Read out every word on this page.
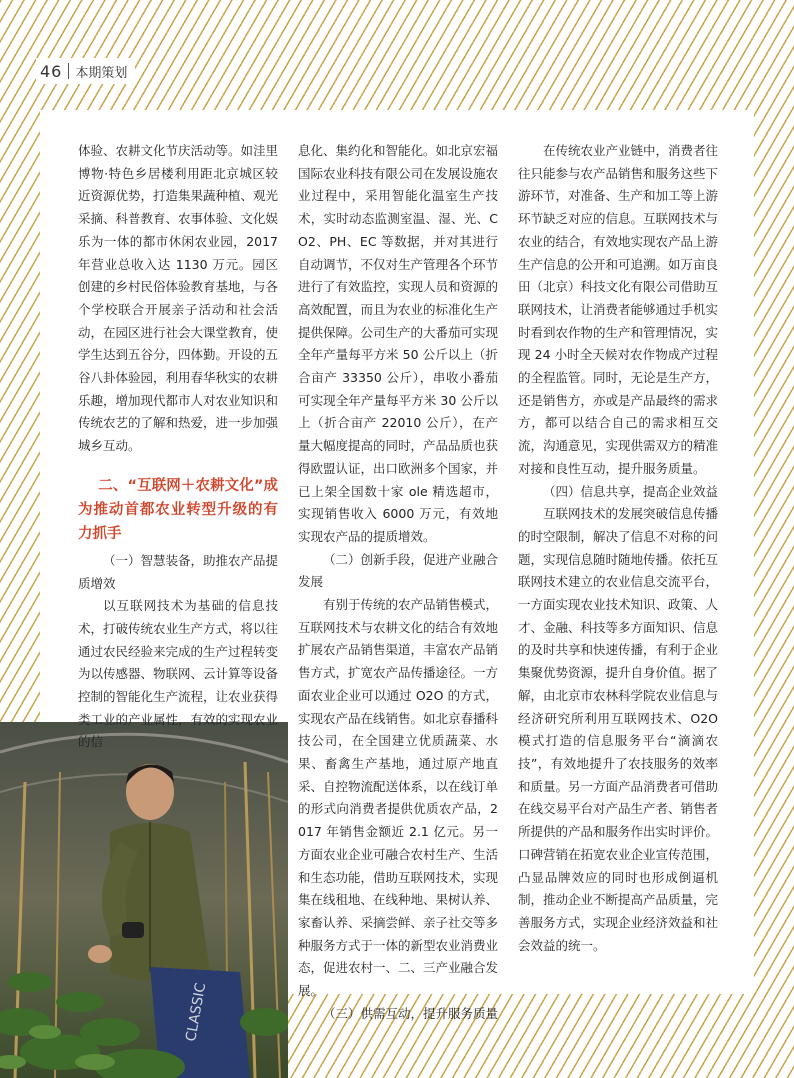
46 本期策划
CLASSIC

体验、农耕文化节庆活动等。如洼里博物·特色乡居楼利用距北京城区较近资源优势，打造集果蔬种植、观光采摘、科普教育、农事体验、文化娱乐为一体的都市休闲农业园，2017 年营业总收入达 1130 万元。园区创建的乡村民俗体验教育基地，与各个学校联合开展亲子活动和社会活动，在园区进行社会大课堂教育，使学生达到五谷分，四体勤。开设的五谷八卦体验园，利用春华秋实的农耕乐趣，增加现代都市人对农业知识和传统农艺的了解和热爱，进一步加强城乡互动。

二、“互联网＋农耕文化”成为推动首都农业转型升级的有力抓手

（一）智慧装备，助推农产品提质增效

以互联网技术为基础的信息技术，打破传统农业生产方式，将以往通过农民经验来完成的生产过程转变为以传感器、物联网、云计算等设备控制的智能化生产流程，让农业获得类工业的产业属性，有效的实现农业的信

息化、集约化和智能化。如北京宏福国际农业科技有限公司在发展设施农业过程中，采用智能化温室生产技术，实时动态监测室温、湿、光、CO2、PH、EC 等数据，并对其进行自动调节，不仅对生产管理各个环节进行了有效监控，实现人员和资源的高效配置，而且为农业的标准化生产提供保障。公司生产的大番茄可实现全年产量每平方米 50 公斤以上（折合亩产 33350 公斤），串收小番茄可实现全年产量每平方米 30 公斤以上（折合亩产 22010 公斤），在产量大幅度提高的同时，产品品质也获得欧盟认证，出口欧洲多个国家，并已上架全国数十家 ole 精选超市，实现销售收入 6000 万元，有效地实现农产品的提质增效。

（二）创新手段，促进产业融合发展

有别于传统的农产品销售模式，互联网技术与农耕文化的结合有效地扩展农产品销售渠道，丰富农产品销售方式，扩宽农产品传播途径。一方面农业企业可以通过 O2O 的方式，实现农产品在线销售。如北京春播科技公司，在全国建立优质蔬菜、水果、畜禽生产基地，通过原产地直采、自控物流配送体系，以在线订单的形式向消费者提供优质农产品，2017 年销售金额近 2.1 亿元。另一方面农业企业可融合农村生产、生活和生态功能，借助互联网技术，实现集在线租地、在线种地、果树认养、家畜认养、采摘尝鲜、亲子社交等多种服务方式于一体的新型农业消费业态，促进农村一、二、三产业融合发展。

（三）供需互动，提升服务质量

在传统农业产业链中，消费者往往只能参与农产品销售和服务这些下游环节，对准备、生产和加工等上游环节缺乏对应的信息。互联网技术与农业的结合，有效地实现农产品上游生产信息的公开和可追溯。如万亩良田（北京）科技文化有限公司借助互联网技术，让消费者能够通过手机实时看到农作物的生产和管理情况，实现 24 小时全天候对农作物成产过程的全程监管。同时，无论是生产方，还是销售方，亦或是产品最终的需求方，都可以结合自己的需求相互交流，沟通意见，实现供需双方的精准对接和良性互动，提升服务质量。

（四）信息共享，提高企业效益

互联网技术的发展突破信息传播的时空限制，解决了信息不对称的问题，实现信息随时随地传播。依托互联网技术建立的农业信息交流平台，一方面实现农业技术知识、政策、人才、金融、科技等多方面知识、信息的及时共享和快速传播，有利于企业集聚优势资源，提升自身价值。据了解，由北京市农林科学院农业信息与经济研究所利用互联网技术、O2O 模式打造的信息服务平台“滴滴农技”，有效地提升了农技服务的效率和质量。另一方面产品消费者可借助在线交易平台对产品生产者、销售者所提供的产品和服务作出实时评价。口碑营销在拓宽农业企业宣传范围，凸显品牌效应的同时也形成倒逼机制，推动企业不断提高产品质量，完善服务方式，实现企业经济效益和社会效益的统一。
